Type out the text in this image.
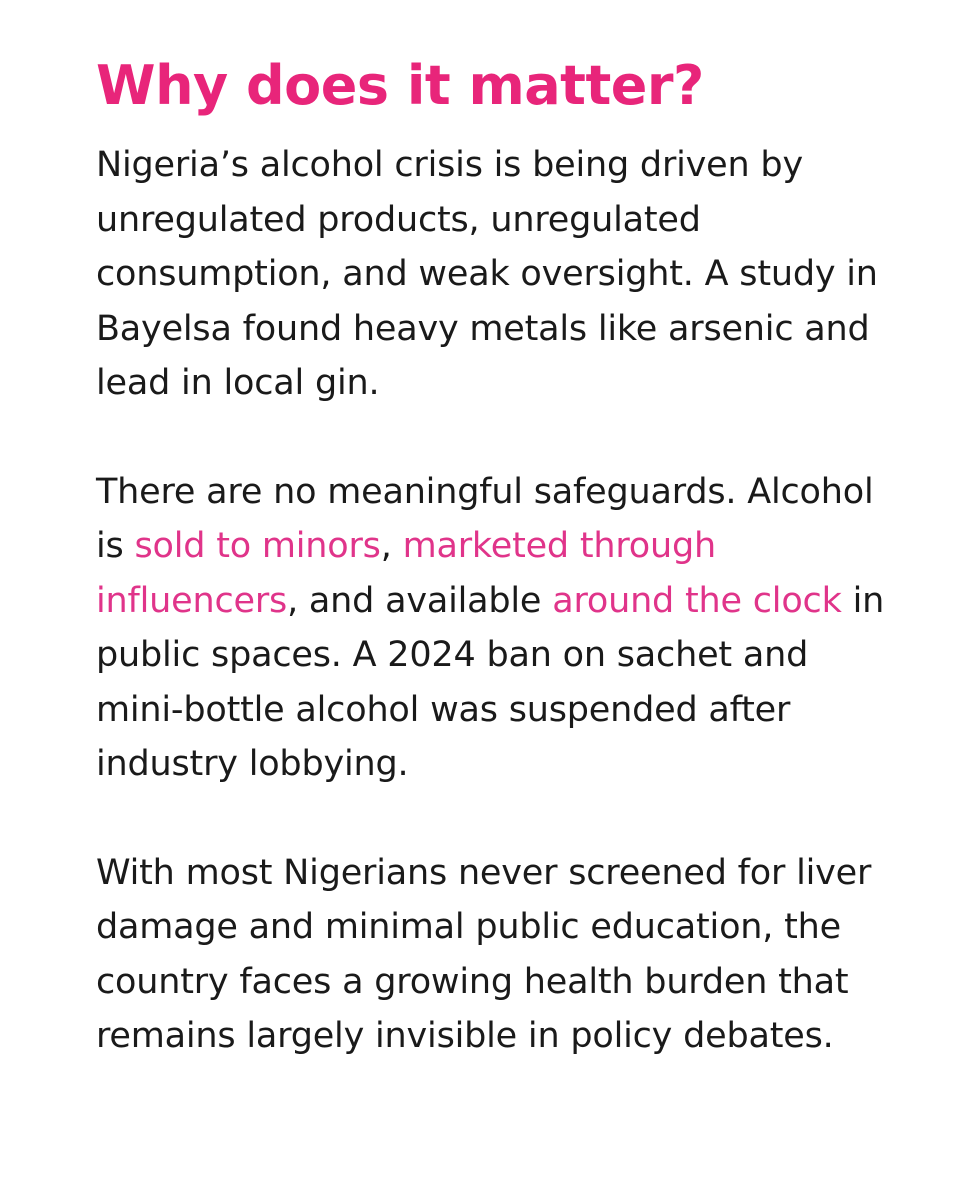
Why does it matter?

Nigeria’s alcohol crisis is being driven by unregulated products, unregulated consumption, and weak oversight. A study in Bayelsa found heavy metals like arsenic and lead in local gin.

There are no meaningful safeguards. Alcohol is sold to minors, marketed through influencers, and available around the clock in public spaces. A 2024 ban on sachet and mini-bottle alcohol was suspended after industry lobbying.

With most Nigerians never screened for liver damage and minimal public education, the country faces a growing health burden that remains largely invisible in policy debates.
